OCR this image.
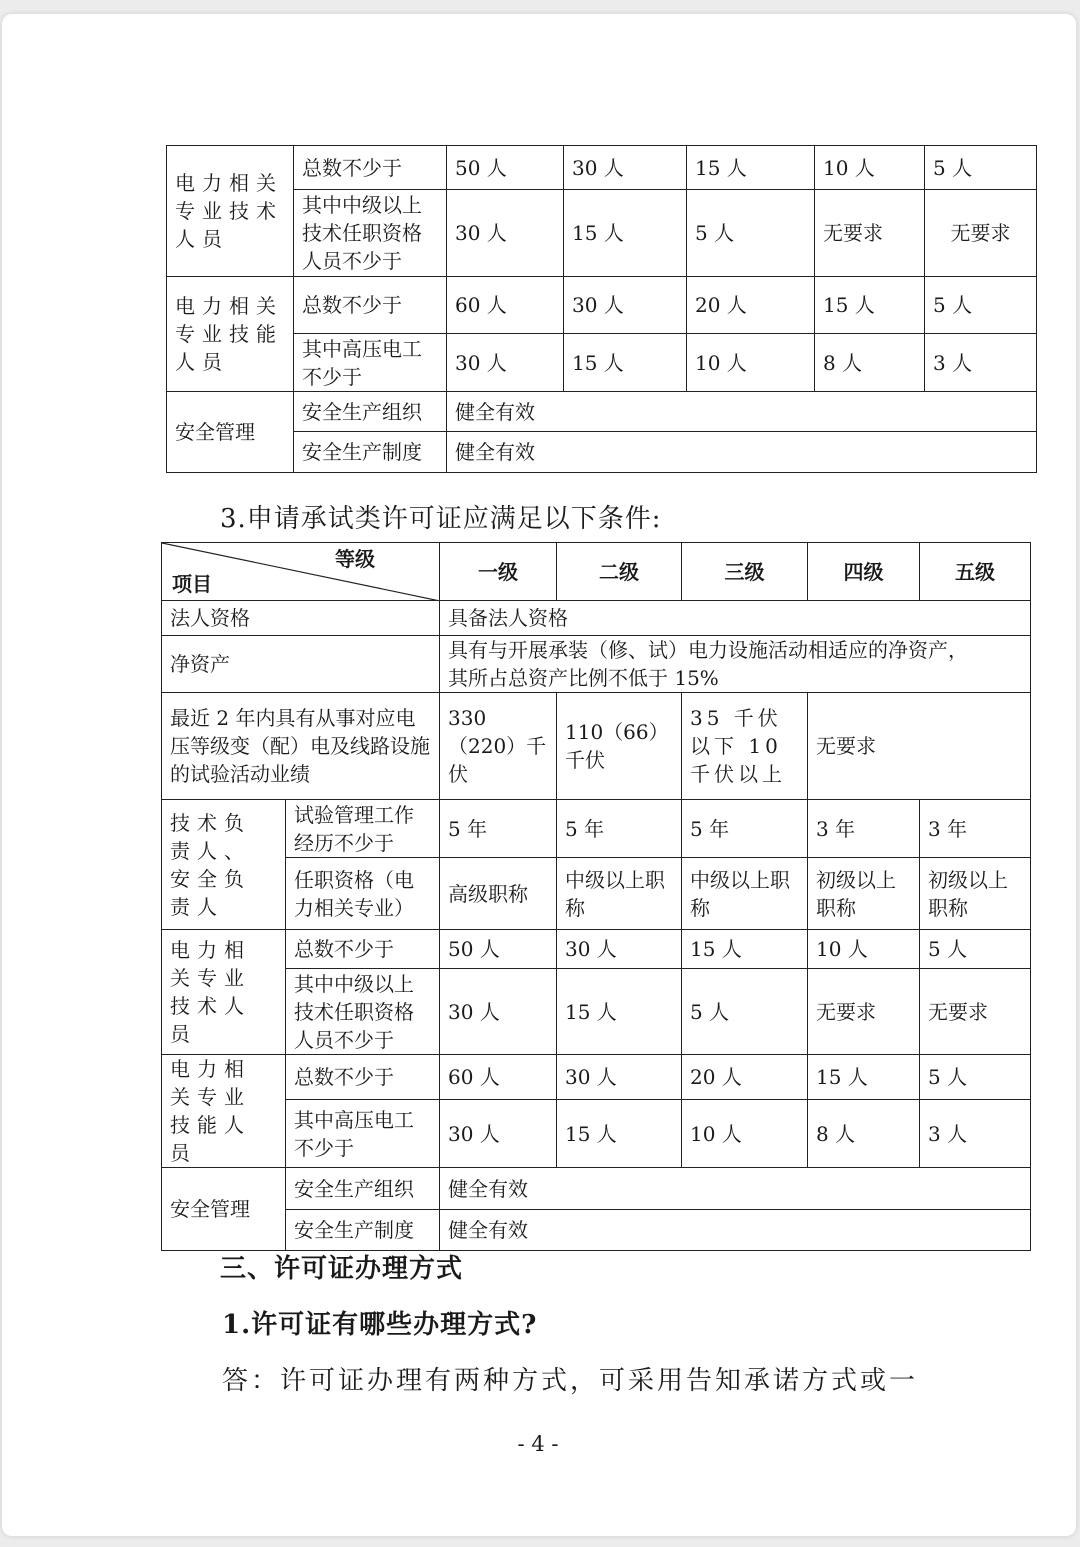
电力相关专业技术人员	总数不少于	50 人	30 人	15 人	10 人	5 人
	其中中级以上技术任职资格人员不少于	30 人	15 人	5 人	无要求	无要求
电力相关专业技能人员	总数不少于	60 人	30 人	20 人	15 人	5 人
	其中高压电工不少于	30 人	15 人	10 人	8 人	3 人
安全管理	安全生产组织	健全有效				
	安全生产制度	健全有效				
3.申请承试类许可证应满足以下条件:
等级
项目		一级	二级	三级	四级	五级
法人资格		具备法人资格				
净资产		具有与开展承装（修、试）电力设施活动相适应的净资产，
其所占总资产比例不低于 15%				

最近 2 年内具有从事对应电压等级变（配）电及线路设施的试验活动业绩		330（220）千伏	110（66）千伏	35 千伏以下 10 千伏以上	无要求	
技术负责人、安全负责人	试验管理工作经历不少于	5 年	5 年	5 年	3 年	3 年
	任职资格（电力相关专业）	高级职称	中级以上职称	中级以上职称	初级以上职称	初级以上职称
电力相关专业技术人员	总数不少于	50 人	30 人	15 人	10 人	5 人
	其中中级以上技术任职资格人员不少于	30 人	15 人	5 人	无要求	无要求
电力相关专业技能人员	总数不少于	60 人	30 人	20 人	15 人	5 人
	其中高压电工不少于	30 人	15 人	10 人	8 人	3 人
安全管理	安全生产组织	健全有效				
	安全生产制度	健全有效				
三、许可证办理方式
1.许可证有哪些办理方式?
答：许可证办理有两种方式，可采用告知承诺方式或一
- 4 -
